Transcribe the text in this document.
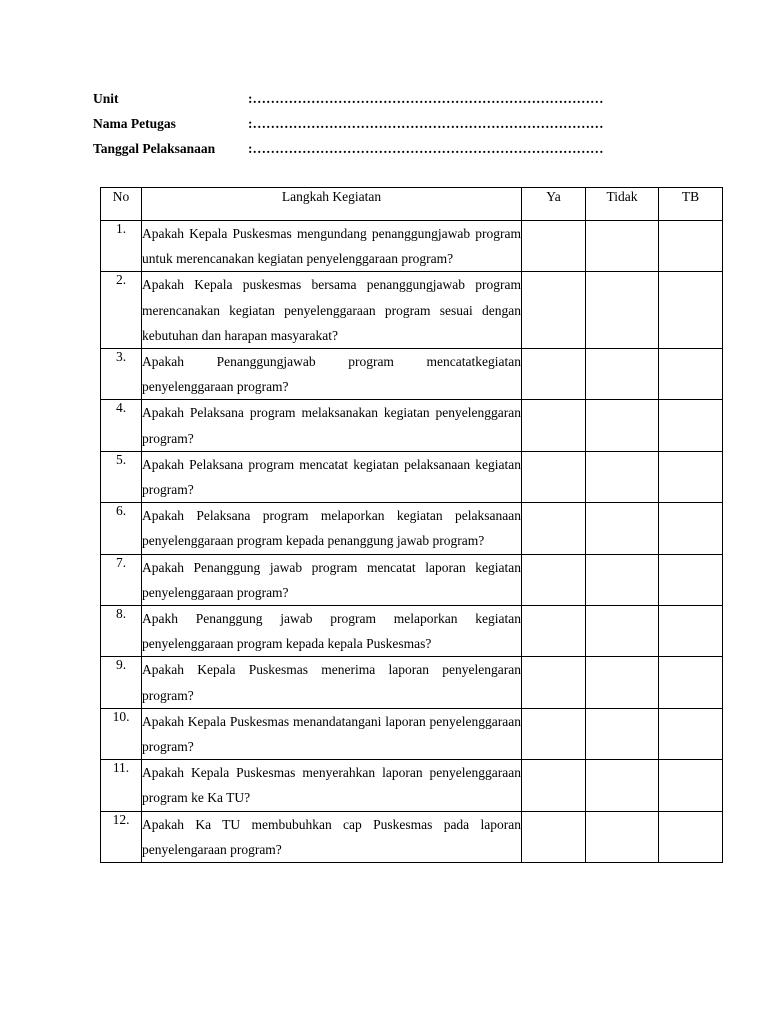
Unit	:……………………………………………………………………
Nama Petugas	:……………………………………………………………………
Tanggal Pelaksanaan	:……………………………………………………………………
No	Langkah Kegiatan	Ya	Tidak	TB
1.	Apakah Kepala Puskesmas mengundang penanggungjawab program untuk merencanakan kegiatan penyelenggaraan program?			
2.	Apakah Kepala puskesmas bersama penanggungjawab program merencanakan kegiatan penyelenggaraan program sesuai dengan kebutuhan dan harapan masyarakat?			
3.	Apakah Penanggungjawab program mencatatkegiatan penyelenggaraan program?			
4.	Apakah Pelaksana program melaksanakan kegiatan penyelenggaran program?			
5.	Apakah Pelaksana program mencatat kegiatan pelaksanaan kegiatan program?			
6.	Apakah Pelaksana program melaporkan kegiatan pelaksanaan penyelenggaraan program kepada penanggung jawab program?			
7.	Apakah Penanggung jawab program mencatat laporan kegiatan penyelenggaraan program?			
8.	Apakh Penanggung jawab program melaporkan kegiatan penyelenggaraan program kepada kepala Puskesmas?			
9.	Apakah Kepala Puskesmas menerima laporan penyelengaran program?			
10.	Apakah Kepala Puskesmas menandatangani laporan penyelenggaraan program?			
11.	Apakah Kepala Puskesmas menyerahkan laporan penyelenggaraan program ke Ka TU?			
12.	Apakah Ka TU membubuhkan cap Puskesmas pada laporan penyelengaraan program?			
